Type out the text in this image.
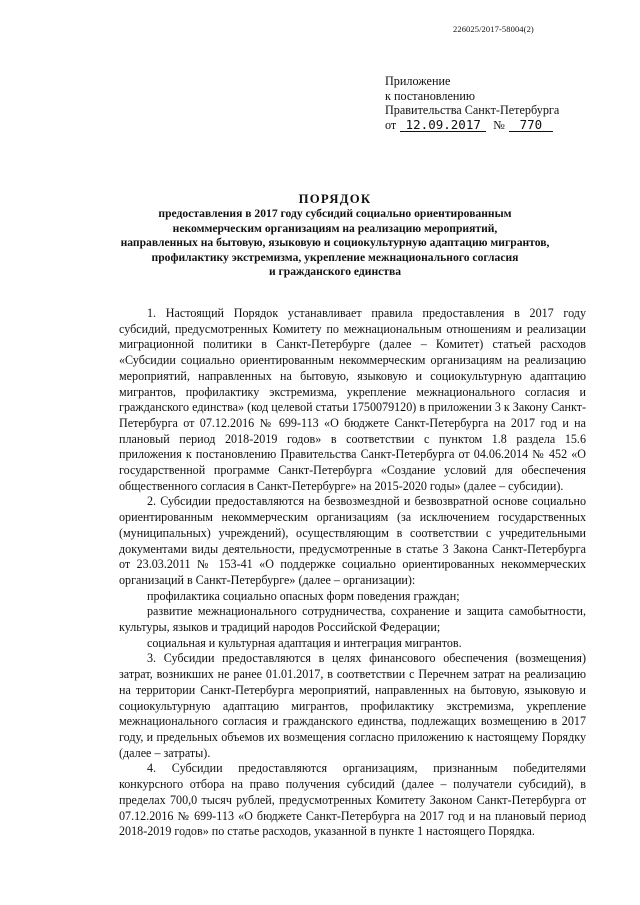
226025/2017-58004(2)
Приложение
к постановлению
Правительства Санкт-Петербурга
от 12.09.2017 № 770
ПОРЯДОК
предоставления в 2017 году субсидий социально ориентированным
некоммерческим организациям на реализацию мероприятий,
направленных на бытовую, языковую и социокультурную адаптацию мигрантов,
профилактику экстремизма, укрепление межнационального согласия
и гражданского единства

1. Настоящий Порядок устанавливает правила предоставления в 2017 году субсидий, предусмотренных Комитету по межнациональным отношениям и реализации миграционной политики в Санкт-Петербурге (далее – Комитет) статьей расходов «Субсидии социально ориентированным некоммерческим организациям на реализацию мероприятий, направленных на бытовую, языковую и социокультурную адаптацию мигрантов, профилактику экстремизма, укрепление межнационального согласия и гражданского единства» (код целевой статьи 1750079120) в приложении 3 к Закону Санкт-Петербурга от 07.12.2016 № 699-113 «О бюджете Санкт-Петербурга на 2017 год и на плановый период 2018-2019 годов» в соответствии с пунктом 1.8 раздела 15.6 приложения к постановлению Правительства Санкт-Петербурга от 04.06.2014 № 452 «О государственной программе Санкт-Петербурга «Создание условий для обеспечения общественного согласия в Санкт-Петербурге» на 2015-2020 годы» (далее – субсидии).

2. Субсидии предоставляются на безвозмездной и безвозвратной основе социально ориентированным некоммерческим организациям (за исключением государственных (муниципальных) учреждений), осуществляющим в соответствии с учредительными документами виды деятельности, предусмотренные в статье 3 Закона Санкт-Петербурга от 23.03.2011 № 153-41 «О поддержке социально ориентированных некоммерческих организаций в Санкт-Петербурге» (далее – организации):

профилактика социально опасных форм поведения граждан;

развитие межнационального сотрудничества, сохранение и защита самобытности, культуры, языков и традиций народов Российской Федерации;

социальная и культурная адаптация и интеграция мигрантов.

3. Субсидии предоставляются в целях финансового обеспечения (возмещения) затрат, возникших не ранее 01.01.2017, в соответствии с Перечнем затрат на реализацию на территории Санкт-Петербурга мероприятий, направленных на бытовую, языковую и социокультурную адаптацию мигрантов, профилактику экстремизма, укрепление межнационального согласия и гражданского единства, подлежащих возмещению в 2017 году, и предельных объемов их возмещения согласно приложению к настоящему Порядку (далее – затраты).

4. Субсидии предоставляются организациям, признанным победителями конкурсного отбора на право получения субсидий (далее – получатели субсидий), в пределах 700,0 тысяч рублей, предусмотренных Комитету Законом Санкт-Петербурга от 07.12.2016 № 699-113 «О бюджете Санкт-Петербурга на 2017 год и на плановый период 2018-2019 годов» по статье расходов, указанной в пункте 1 настоящего Порядка.
